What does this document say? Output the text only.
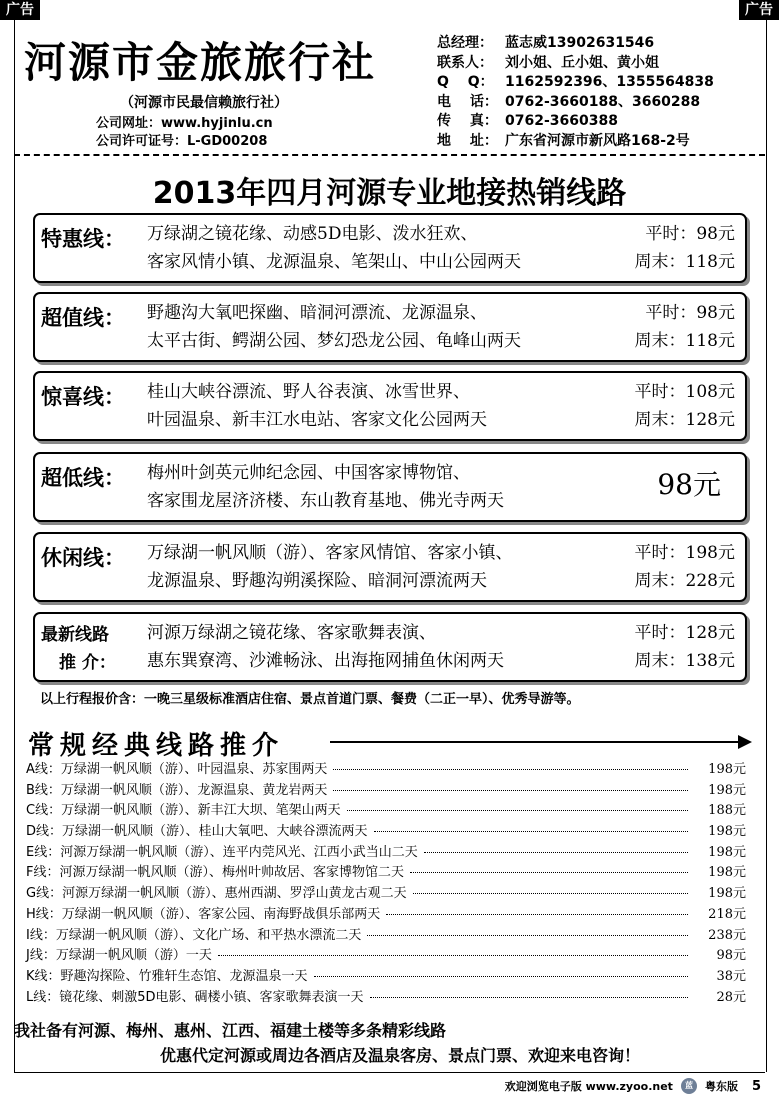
广告	广告
河源市金旅旅行社
（河源市民最信赖旅行社）
公司网址：www.hyjinlu.cn
公司许可证号：L-GD00208
总经理： 蓝志威13902631546
联系人： 刘小姐、丘小姐、黄小姐
Q　 Q： 1162592396、1355564838
电　 话： 0762-3660188、3660288
传　 真： 0762-3660388
地　 址： 广东省河源市新风路168-2号
2013年四月河源专业地接热销线路
特惠线： 万绿湖之镜花缘、动感5D电影、泼水狂欢、
客家风情小镇、龙源温泉、笔架山、中山公园两天
平时：98元
周末：118元
超值线： 野趣沟大氧吧探幽、暗洞河漂流、龙源温泉、
太平古街、鳄湖公园、梦幻恐龙公园、龟峰山两天
平时：98元
周末：118元
惊喜线： 桂山大峡谷漂流、野人谷表演、冰雪世界、
叶园温泉、新丰江水电站、客家文化公园两天
平时：108元
周末：128元
超低线： 梅州叶剑英元帅纪念园、中国客家博物馆、
客家围龙屋济济楼、东山教育基地、佛光寺两天	98元
休闲线： 万绿湖一帆风顺（游）、客家风情馆、客家小镇、
龙源温泉、野趣沟朔溪探险、暗洞河漂流两天
平时：198元
周末：228元
最新线路
推 介：
河源万绿湖之镜花缘、客家歌舞表演、
惠东巽寮湾、沙滩畅泳、出海拖网捕鱼休闲两天
平时：128元
周末：138元
以上行程报价含：一晚三星级标准酒店住宿、景点首道门票、餐费（二正一早）、优秀导游等。
常规经典线路推介
A线： 万绿湖一帆风顺（游）、叶园温泉、苏家围两天	198元
B线： 万绿湖一帆风顺（游）、龙源温泉、黄龙岩两天	198元
C线： 万绿湖一帆风顺（游）、新丰江大坝、笔架山两天	188元
D线： 万绿湖一帆风顺（游）、桂山大氧吧、大峡谷漂流两天	198元
E线： 河源万绿湖一帆风顺（游）、连平内莞风光、江西小武当山二天	198元
F线： 河源万绿湖一帆风顺（游）、梅州叶帅故居、客家博物馆二天	198元
G线： 河源万绿湖一帆风顺（游）、惠州西湖、罗浮山黄龙古观二天	198元
H线： 万绿湖一帆风顺（游）、客家公园、南海野战俱乐部两天	218元
I线： 万绿湖一帆风顺（游）、文化广场、和平热水漂流二天	238元
J线： 万绿湖一帆风顺（游）一天	98元
K线： 野趣沟探险、竹雅轩生态馆、龙源温泉一天	38元
L线： 镜花缘、刺激5D电影、碉楼小镇、客家歌舞表演一天	28元
我社备有河源、梅州、惠州、江西、福建土楼等多条精彩线路
优惠代定河源或周边各酒店及温泉客房、景点门票、欢迎来电咨询！
欢迎浏览电子版 www.zyoo.net	蓝	粤东版 5
